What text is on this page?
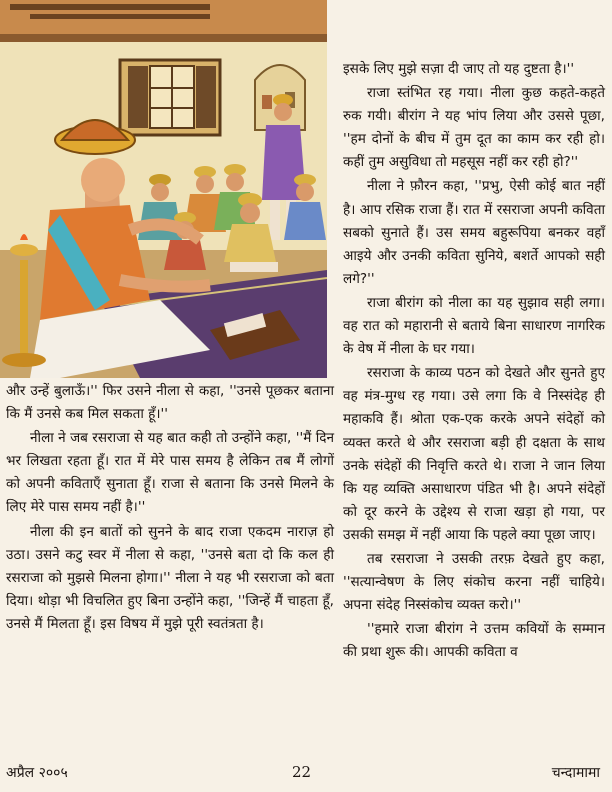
इसके लिए मुझे सज़ा दी जाए तो यह दुष्टता है।''

राजा स्तंभित रह गया। नीला कुछ कहते-कहते रुक गयी। बीरांग ने यह भांप लिया और उससे पूछा, ''हम दोनों के बीच में तुम दूत का काम कर रही हो। कहीं तुम असुविधा तो महसूस नहीं कर रही हो?''

नीला ने फ़ौरन कहा, ''प्रभु, ऐसी कोई बात नहीं है। आप रसिक राजा हैं। रात में रसराजा अपनी कविता सबको सुनाते हैं। उस समय बहुरूपिया बनकर वहाँ आइये और उनकी कविता सुनिये, बशर्ते आपको सही लगे?''

राजा बीरांग को नीला का यह सुझाव सही लगा। वह रात को महारानी से बताये बिना साधारण नागरिक के वेष में नीला के घर गया।

रसराजा के काव्य पठन को देखते और सुनते हुए वह मंत्र-मुग्ध रह गया। उसे लगा कि वे निस्संदेह ही महाकवि हैं। श्रोता एक-एक करके अपने संदेहों को व्यक्त करते थे और रसराजा बड़ी ही दक्षता के साथ उनके संदेहों की निवृत्ति करते थे। राजा ने जान लिया कि यह व्यक्ति असाधारण पंडित भी है। अपने संदेहों को दूर करने के उद्देश्य से राजा खड़ा हो गया, पर उसकी समझ में नहीं आया कि पहले क्या पूछा जाए।

तब रसराजा ने उसकी तरफ़ देखते हुए कहा, ''सत्यान्वेषण के लिए संकोच करना नहीं चाहिये। अपना संदेह निस्संकोच व्यक्त करो।''

''हमारे राजा बीरांग ने उत्तम कवियों के सम्मान की प्रथा शुरू की। आपकी कविता व

और उन्हें बुलाऊँ।'' फिर उसने नीला से कहा, ''उनसे पूछकर बताना कि मैं उनसे कब मिल सकता हूँ।''

नीला ने जब रसराजा से यह बात कही तो उन्होंने कहा, ''मैं दिन भर लिखता रहता हूँ। रात में मेरे पास समय है लेकिन तब मैं लोगों को अपनी कविताएँ सुनाता हूँ। राजा से बताना कि उनसे मिलने के लिए मेरे पास समय नहीं है।''

नीला की इन बातों को सुनने के बाद राजा एकदम नाराज़ हो उठा। उसने कटु स्वर में नीला से कहा, ''उनसे बता दो कि कल ही रसराजा को मुझसे मिलना होगा।'' नीला ने यह भी रसराजा को बता दिया। थोड़ा भी विचलित हुए बिना उन्होंने कहा, ''जिन्हें मैं चाहता हूँ, उनसे मैं मिलता हूँ। इस विषय में मुझे पूरी स्वतंत्रता है।

अप्रैल २००५	22	चन्दामामा
